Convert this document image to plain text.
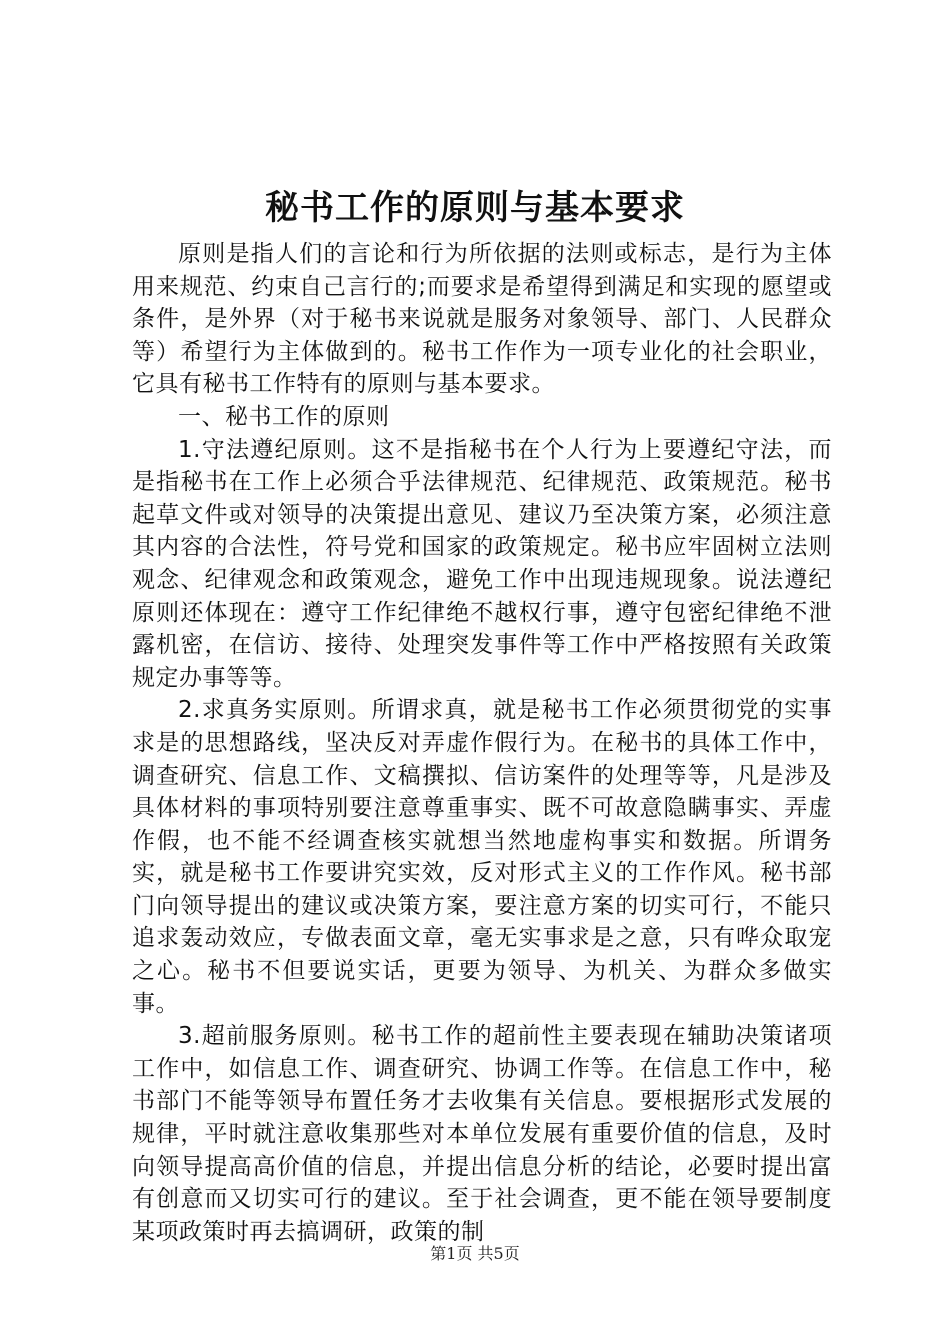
秘书工作的原则与基本要求

原则是指人们的言论和行为所依据的法则或标志，是行为主体用来规范、约束自己言行的;而要求是希望得到满足和实现的愿望或条件，是外界（对于秘书来说就是服务对象领导、部门、人民群众等）希望行为主体做到的。秘书工作作为一项专业化的社会职业，它具有秘书工作特有的原则与基本要求。

一、秘书工作的原则

1.守法遵纪原则。这不是指秘书在个人行为上要遵纪守法，而是指秘书在工作上必须合乎法律规范、纪律规范、政策规范。秘书起草文件或对领导的决策提出意见、建议乃至决策方案，必须注意其内容的合法性，符号党和国家的政策规定。秘书应牢固树立法则观念、纪律观念和政策观念，避免工作中出现违规现象。说法遵纪原则还体现在：遵守工作纪律绝不越权行事，遵守包密纪律绝不泄露机密，在信访、接待、处理突发事件等工作中严格按照有关政策规定办事等等。

2.求真务实原则。所谓求真，就是秘书工作必须贯彻党的实事求是的思想路线，坚决反对弄虚作假行为。在秘书的具体工作中，调查研究、信息工作、文稿撰拟、信访案件的处理等等，凡是涉及具体材料的事项特别要注意尊重事实、既不可故意隐瞒事实、弄虚作假，也不能不经调查核实就想当然地虚构事实和数据。所谓务实，就是秘书工作要讲究实效，反对形式主义的工作作风。秘书部门向领导提出的建议或决策方案，要注意方案的切实可行，不能只追求轰动效应，专做表面文章，毫无实事求是之意，只有哗众取宠之心。秘书不但要说实话，更要为领导、为机关、为群众多做实事。

3.超前服务原则。秘书工作的超前性主要表现在辅助决策诸项工作中，如信息工作、调查研究、协调工作等。在信息工作中，秘书部门不能等领导布置任务才去收集有关信息。要根据形式发展的规律，平时就注意收集那些对本单位发展有重要价值的信息，及时向领导提高高价值的信息，并提出信息分析的结论，必要时提出富有创意而又切实可行的建议。至于社会调查，更不能在领导要制度某项政策时再去搞调研，政策的制

第1页 共5页
